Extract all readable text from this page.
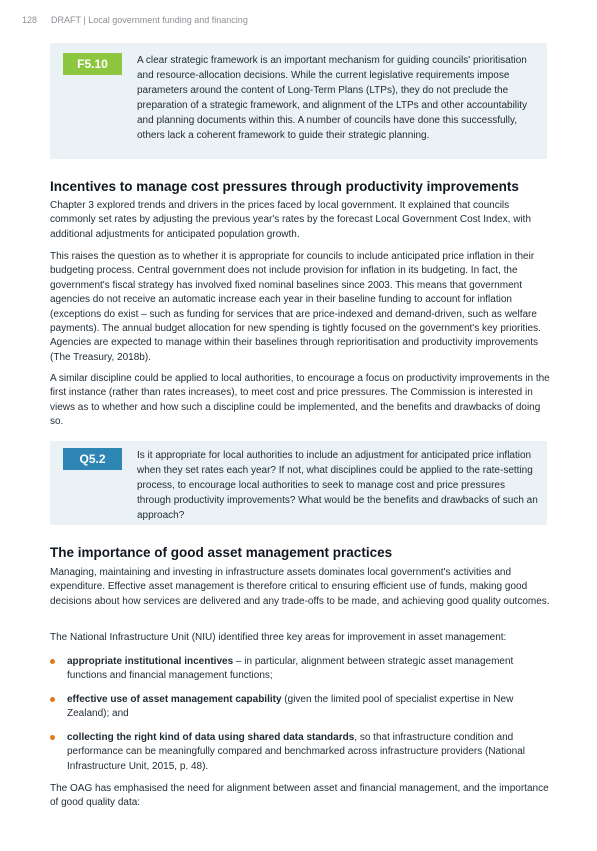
128 DRAFT | Local government funding and financing
F5.10	A clear strategic framework is an important mechanism for guiding councils' prioritisation and resource-allocation decisions. While the current legislative requirements impose parameters around the content of Long-Term Plans (LTPs), they do not preclude the preparation of a strategic framework, and alignment of the LTPs and other accountability and planning documents within this. A number of councils have done this successfully, others lack a coherent framework to guide their strategic planning.
Incentives to manage cost pressures through productivity improvements
Chapter 3 explored trends and drivers in the prices faced by local government. It explained that councils commonly set rates by adjusting the previous year's rates by the forecast Local Government Cost Index, with additional adjustments for anticipated population growth.
This raises the question as to whether it is appropriate for councils to include anticipated price inflation in their budgeting process. Central government does not include provision for inflation in its budgeting. In fact, the government's fiscal strategy has involved fixed nominal baselines since 2003. This means that government agencies do not receive an automatic increase each year in their baseline funding to account for inflation (exceptions do exist – such as funding for services that are price-indexed and demand-driven, such as welfare payments). The annual budget allocation for new spending is tightly focused on the government's key priorities. Agencies are expected to manage within their baselines through reprioritisation and productivity improvements (The Treasury, 2018b).
A similar discipline could be applied to local authorities, to encourage a focus on productivity improvements in the first instance (rather than rates increases), to meet cost and price pressures. The Commission is interested in views as to whether and how such a discipline could be implemented, and the benefits and drawbacks of doing so.
Q5.2	Is it appropriate for local authorities to include an adjustment for anticipated price inflation when they set rates each year? If not, what disciplines could be applied to the rate-setting process, to encourage local authorities to seek to manage cost and price pressures through productivity improvements? What would be the benefits and drawbacks of such an approach?
The importance of good asset management practices
Managing, maintaining and investing in infrastructure assets dominates local government's activities and expenditure. Effective asset management is therefore critical to ensuring efficient use of funds, making good decisions about how services are delivered and any trade-offs to be made, and achieving good quality outcomes.
The National Infrastructure Unit (NIU) identified three key areas for improvement in asset management:
appropriate institutional incentives – in particular, alignment between strategic asset management functions and financial management functions;
effective use of asset management capability (given the limited pool of specialist expertise in New Zealand); and
collecting the right kind of data using shared data standards, so that infrastructure condition and performance can be meaningfully compared and benchmarked across infrastructure providers (National Infrastructure Unit, 2015, p. 48).
The OAG has emphasised the need for alignment between asset and financial management, and the importance of good quality data:
